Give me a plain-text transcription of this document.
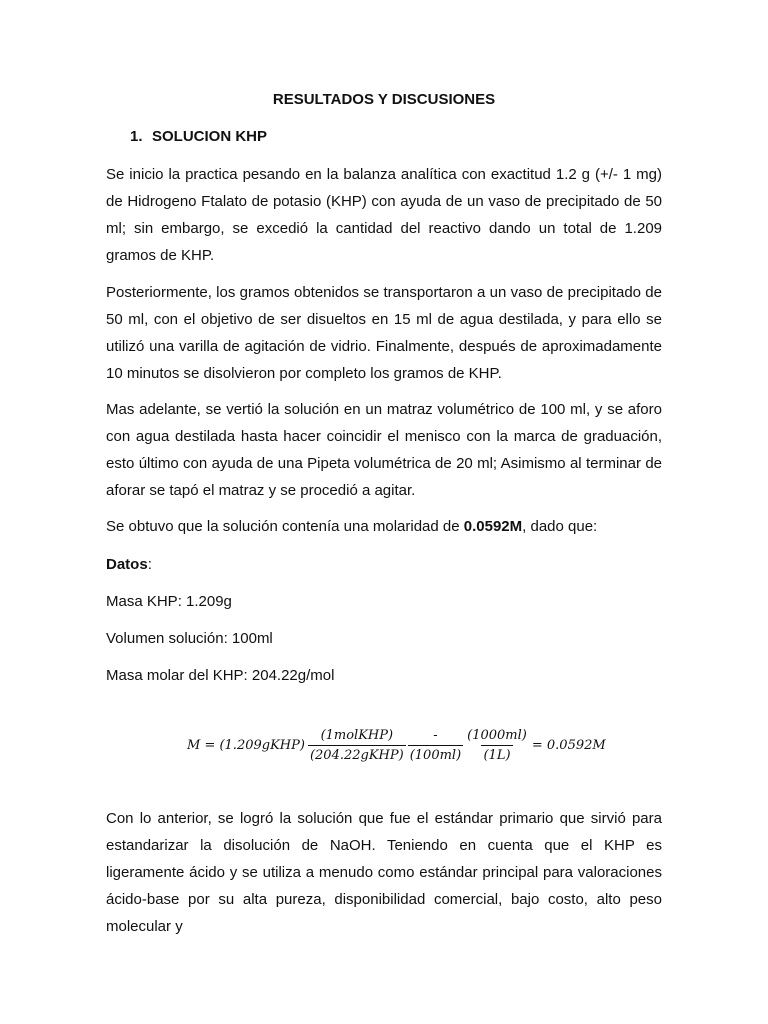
RESULTADOS Y DISCUSIONES
1. SOLUCION KHP

Se inicio la practica pesando en la balanza analítica con exactitud 1.2 g (+/- 1 mg) de Hidrogeno Ftalato de potasio (KHP) con ayuda de un vaso de precipitado de 50 ml; sin embargo, se excedió la cantidad del reactivo dando un total de 1.209 gramos de KHP.

Posteriormente, los gramos obtenidos se transportaron a un vaso de precipitado de 50 ml, con el objetivo de ser disueltos en 15 ml de agua destilada, y para ello se utilizó una varilla de agitación de vidrio. Finalmente, después de aproximadamente 10 minutos se disolvieron por completo los gramos de KHP.

Mas adelante, se vertió la solución en un matraz volumétrico de 100 ml, y se aforo con agua destilada hasta hacer coincidir el menisco con la marca de graduación, esto último con ayuda de una Pipeta volumétrica de 20 ml; Asimismo al terminar de aforar se tapó el matraz y se procedió a agitar.

Se obtuvo que la solución contenía una molaridad de 0.0592M, dado que:
Datos:
Masa KHP: 1.209g
Volumen solución: 100ml
Masa molar del KHP: 204.22g/mol
M = (1.209gKHP) $\frac{\text{(1molKHP)}}{\text{(204.22gKHP)}} \frac{-}{(100ml)} \frac{(1000ml)}{(1L)} = 0.0592M$

Con lo anterior, se logró la solución que fue el estándar primario que sirvió para estandarizar la disolución de NaOH. Teniendo en cuenta que el KHP es ligeramente ácido y se utiliza a menudo como estándar principal para valoraciones ácido-base por su alta pureza, disponibilidad comercial, bajo costo, alto peso molecular y
